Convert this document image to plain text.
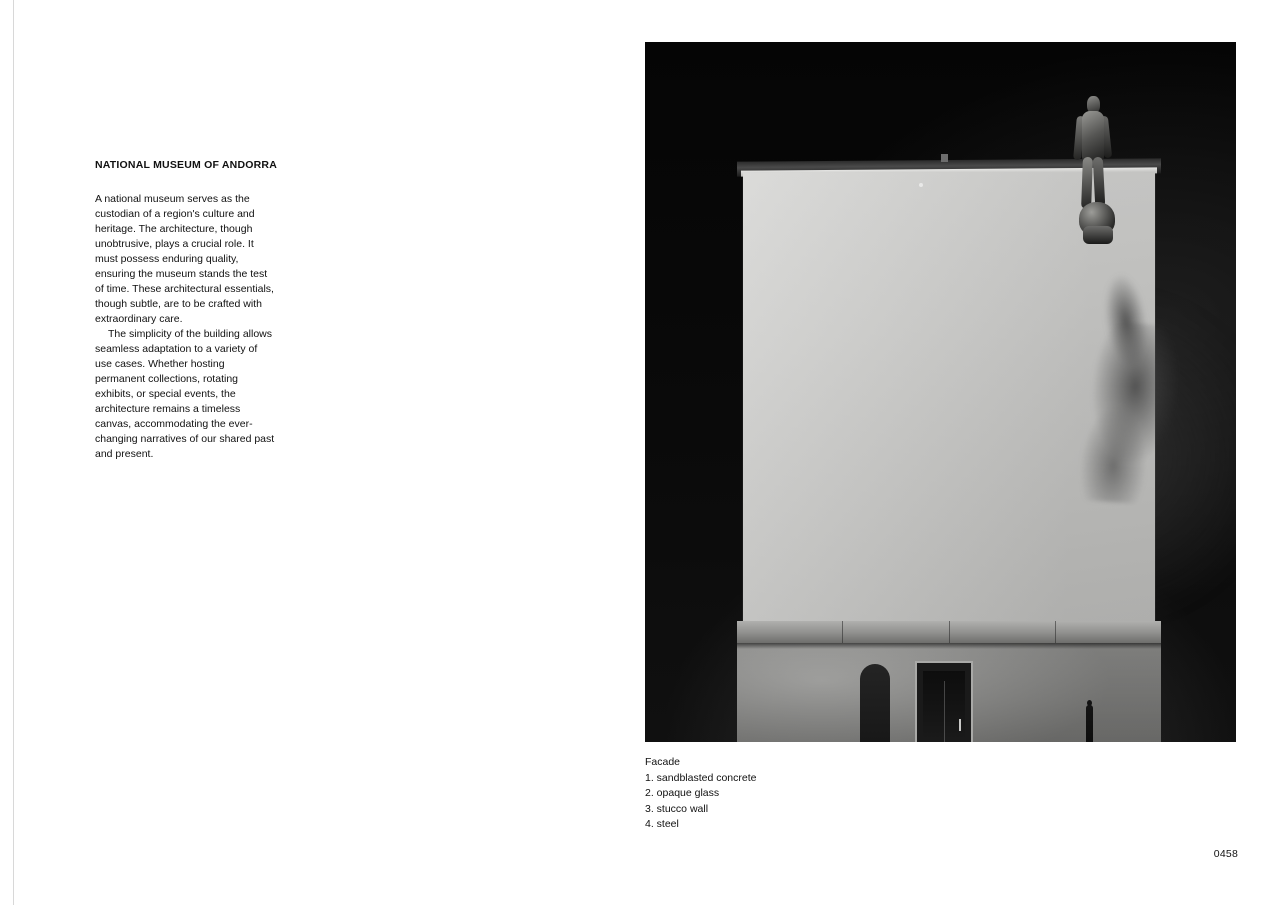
NATIONAL MUSEUM OF ANDORRA

A national museum serves as the custodian of a region's culture and heritage. The architecture, though unobtrusive, plays a crucial role. It must possess enduring quality, ensuring the museum stands the test of time. These architectural essentials, though subtle, are to be crafted with extraordinary care.

The simplicity of the building allows seamless adaptation to a variety of use cases. Whether hosting permanent collections, rotating exhibits, or special events, the architecture remains a timeless canvas, accommodating the ever-changing narratives of our shared past and present.

Facade

1. sandblasted concrete
2. opaque glass
3. stucco wall
4. steel
0458
